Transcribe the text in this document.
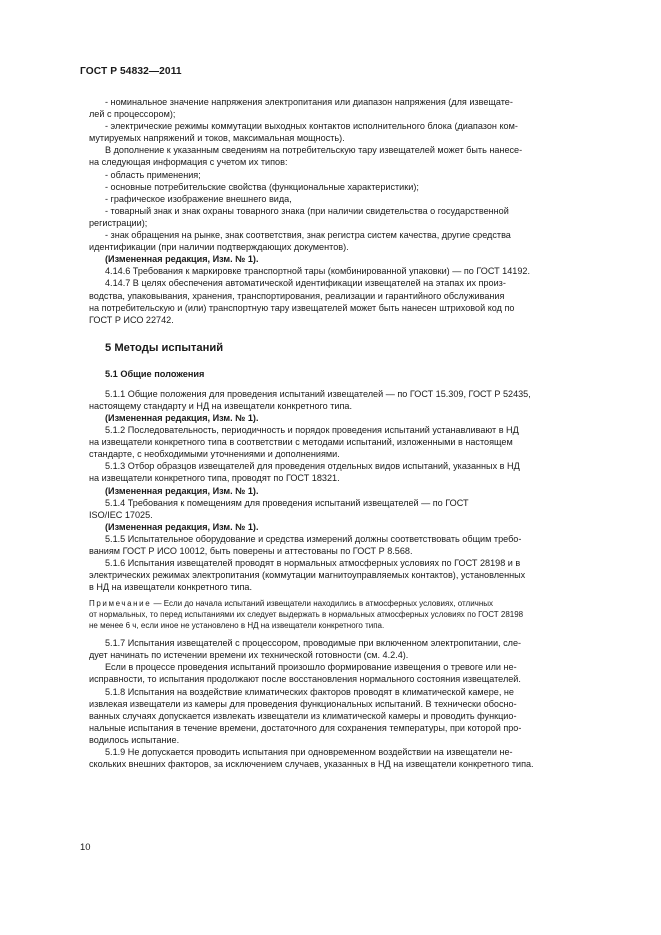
ГОСТ Р 54832—2011

- номинальное значение напряжения электропитания или диапазон напряжения (для извещате-

лей с процессором);

- электрические режимы коммутации выходных контактов исполнительного блока (диапазон ком-

мутируемых напряжений и токов, максимальная мощность).

В дополнение к указанным сведениям на потребительскую тару извещателей может быть нанесе-

на следующая информация с учетом их типов:

- область применения;

- основные потребительские свойства (функциональные характеристики);

- графическое изображение внешнего вида,

- товарный знак и знак охраны товарного знака (при наличии свидетельства о государственной

регистрации);

- знак обращения на рынке, знак соответствия, знак регистра систем качества, другие средства

идентификации (при наличии подтверждающих документов).

(Измененная редакция, Изм. № 1).

4.14.6 Требования к маркировке транспортной тары (комбинированной упаковки) — по ГОСТ 14192.

4.14.7 В целях обеспечения автоматической идентификации извещателей на этапах их произ-

водства, упаковывания, хранения, транспортирования, реализации и гарантийного обслуживания

на потребительскую и (или) транспортную тару извещателей может быть нанесен штриховой код по

ГОСТ Р ИСО 22742.

5 Методы испытаний
5.1 Общие положения

5.1.1 Общие положения для проведения испытаний извещателей — по ГОСТ 15.309, ГОСТ Р 52435,

настоящему стандарту и НД на извещатели конкретного типа.

(Измененная редакция, Изм. № 1).

5.1.2 Последовательность, периодичность и порядок проведения испытаний устанавливают в НД

на извещатели конкретного типа в соответствии с методами испытаний, изложенными в настоящем

стандарте, с необходимыми уточнениями и дополнениями.

5.1.3 Отбор образцов извещателей для проведения отдельных видов испытаний, указанных в НД

на извещатели конкретного типа, проводят по ГОСТ 18321.

(Измененная редакция, Изм. № 1).

5.1.4 Требования к помещениям для проведения испытаний извещателей — по ГОСТ

ISO/IEC 17025.

(Измененная редакция, Изм. № 1).

5.1.5 Испытательное оборудование и средства измерений должны соответствовать общим требо-

ваниям ГОСТ Р ИСО 10012, быть поверены и аттестованы по ГОСТ Р 8.568.

5.1.6 Испытания извещателей проводят в нормальных атмосферных условиях по ГОСТ 28198 и в

электрических режимах электропитания (коммутации магнитоуправляемых контактов), установленных

в НД на извещатели конкретного типа.

Примечание — Если до начала испытаний извещатели находились в атмосферных условиях, отличных
от нормальных, то перед испытаниями их следует выдержать в нормальных атмосферных условиях по ГОСТ 28198
не менее 6 ч, если иное не установлено в НД на извещатели конкретного типа.

5.1.7 Испытания извещателей с процессором, проводимые при включенном электропитании, сле-

дует начинать по истечении времени их технической готовности (см. 4.2.4).

Если в процессе проведения испытаний произошло формирование извещения о тревоге или не-

исправности, то испытания продолжают после восстановления нормального состояния извещателей.

5.1.8 Испытания на воздействие климатических факторов проводят в климатической камере, не

извлекая извещатели из камеры для проведения функциональных испытаний. В технически обосно-

ванных случаях допускается извлекать извещатели из климатической камеры и проводить функцио-

нальные испытания в течение времени, достаточного для сохранения температуры, при которой про-

водилось испытание.

5.1.9 Не допускается проводить испытания при одновременном воздействии на извещатели не-

скольких внешних факторов, за исключением случаев, указанных в НД на извещатели конкретного типа.

10
